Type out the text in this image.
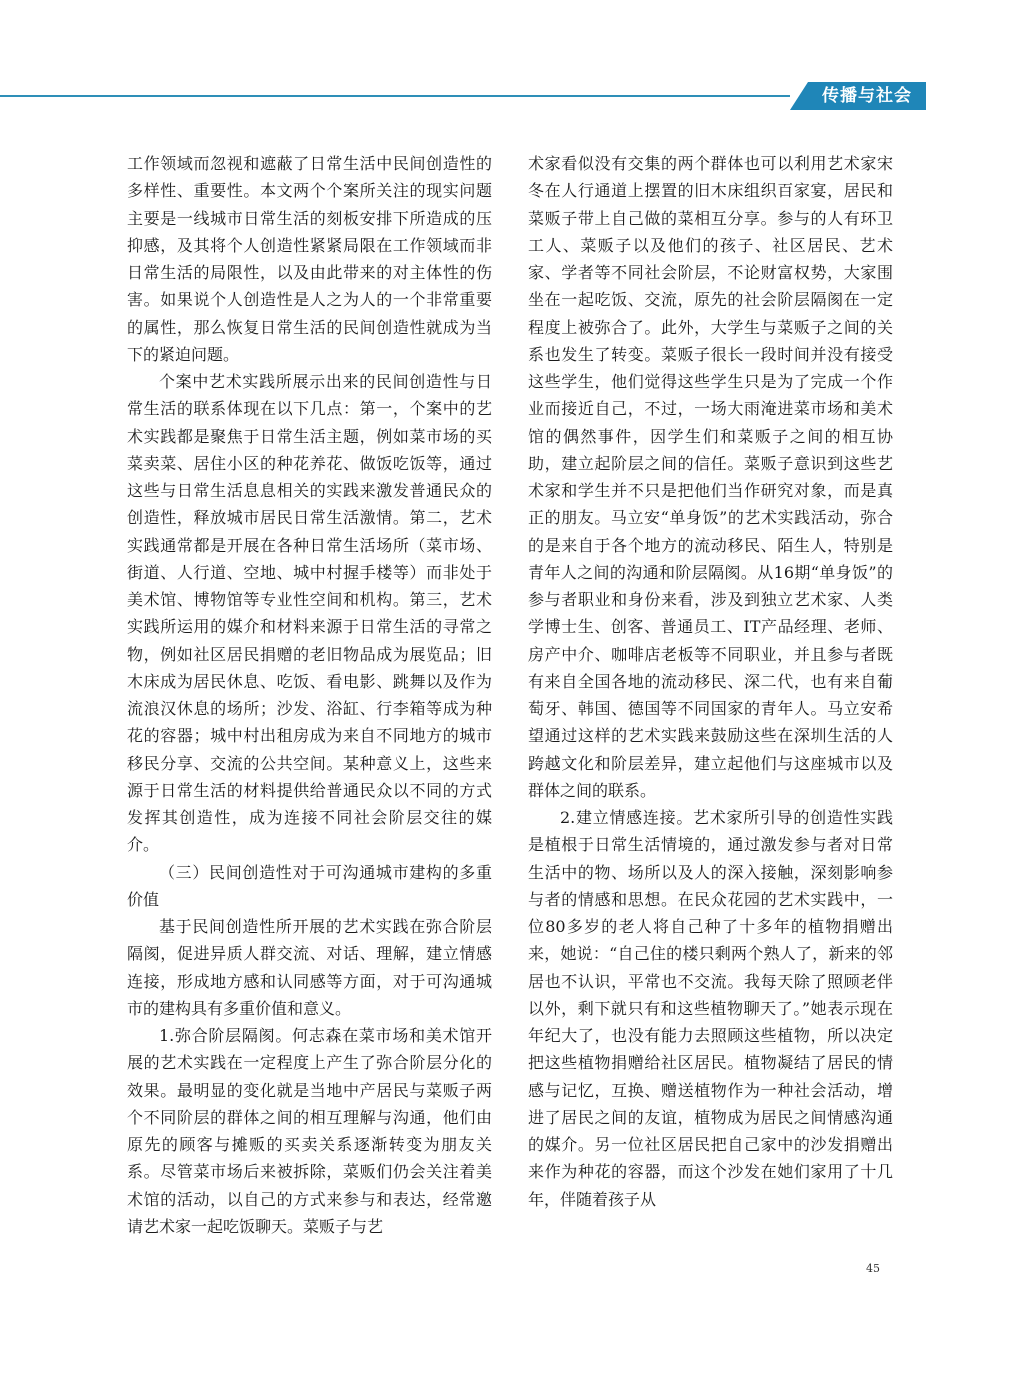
传播与社会

工作领域而忽视和遮蔽了日常生活中民间创造性的多样性、重要性。本文两个个案所关注的现实问题主要是一线城市日常生活的刻板安排下所造成的压抑感，及其将个人创造性紧紧局限在工作领域而非日常生活的局限性，以及由此带来的对主体性的伤害。如果说个人创造性是人之为人的一个非常重要的属性，那么恢复日常生活的民间创造性就成为当下的紧迫问题。

个案中艺术实践所展示出来的民间创造性与日常生活的联系体现在以下几点：第一，个案中的艺术实践都是聚焦于日常生活主题，例如菜市场的买菜卖菜、居住小区的种花养花、做饭吃饭等，通过这些与日常生活息息相关的实践来激发普通民众的创造性，释放城市居民日常生活激情。第二，艺术实践通常都是开展在各种日常生活场所（菜市场、街道、人行道、空地、城中村握手楼等）而非处于美术馆、博物馆等专业性空间和机构。第三，艺术实践所运用的媒介和材料来源于日常生活的寻常之物，例如社区居民捐赠的老旧物品成为展览品；旧木床成为居民休息、吃饭、看电影、跳舞以及作为流浪汉休息的场所；沙发、浴缸、行李箱等成为种花的容器；城中村出租房成为来自不同地方的城市移民分享、交流的公共空间。某种意义上，这些来源于日常生活的材料提供给普通民众以不同的方式发挥其创造性，成为连接不同社会阶层交往的媒介。

（三）民间创造性对于可沟通城市建构的多重价值

基于民间创造性所开展的艺术实践在弥合阶层隔阂，促进异质人群交流、对话、理解，建立情感连接，形成地方感和认同感等方面，对于可沟通城市的建构具有多重价值和意义。

1.弥合阶层隔阂。何志森在菜市场和美术馆开展的艺术实践在一定程度上产生了弥合阶层分化的效果。最明显的变化就是当地中产居民与菜贩子两个不同阶层的群体之间的相互理解与沟通，他们由原先的顾客与摊贩的买卖关系逐渐转变为朋友关系。尽管菜市场后来被拆除，菜贩们仍会关注着美术馆的活动，以自己的方式来参与和表达，经常邀请艺术家一起吃饭聊天。菜贩子与艺

术家看似没有交集的两个群体也可以利用艺术家宋冬在人行通道上摆置的旧木床组织百家宴，居民和菜贩子带上自己做的菜相互分享。参与的人有环卫工人、菜贩子以及他们的孩子、社区居民、艺术家、学者等不同社会阶层，不论财富权势，大家围坐在一起吃饭、交流，原先的社会阶层隔阂在一定程度上被弥合了。此外，大学生与菜贩子之间的关系也发生了转变。菜贩子很长一段时间并没有接受这些学生，他们觉得这些学生只是为了完成一个作业而接近自己，不过，一场大雨淹进菜市场和美术馆的偶然事件，因学生们和菜贩子之间的相互协助，建立起阶层之间的信任。菜贩子意识到这些艺术家和学生并不只是把他们当作研究对象，而是真正的朋友。马立安“单身饭”的艺术实践活动，弥合的是来自于各个地方的流动移民、陌生人，特别是青年人之间的沟通和阶层隔阂。从16期“单身饭”的参与者职业和身份来看，涉及到独立艺术家、人类学博士生、创客、普通员工、IT产品经理、老师、房产中介、咖啡店老板等不同职业，并且参与者既有来自全国各地的流动移民、深二代，也有来自葡萄牙、韩国、德国等不同国家的青年人。马立安希望通过这样的艺术实践来鼓励这些在深圳生活的人跨越文化和阶层差异，建立起他们与这座城市以及群体之间的联系。

2.建立情感连接。艺术家所引导的创造性实践是植根于日常生活情境的，通过激发参与者对日常生活中的物、场所以及人的深入接触，深刻影响参与者的情感和思想。在民众花园的艺术实践中，一位80多岁的老人将自己种了十多年的植物捐赠出来，她说：“自己住的楼只剩两个熟人了，新来的邻居也不认识，平常也不交流。我每天除了照顾老伴以外，剩下就只有和这些植物聊天了。”她表示现在年纪大了，也没有能力去照顾这些植物，所以决定把这些植物捐赠给社区居民。植物凝结了居民的情感与记忆，互换、赠送植物作为一种社会活动，增进了居民之间的友谊，植物成为居民之间情感沟通的媒介。另一位社区居民把自己家中的沙发捐赠出来作为种花的容器，而这个沙发在她们家用了十几年，伴随着孩子从

45
